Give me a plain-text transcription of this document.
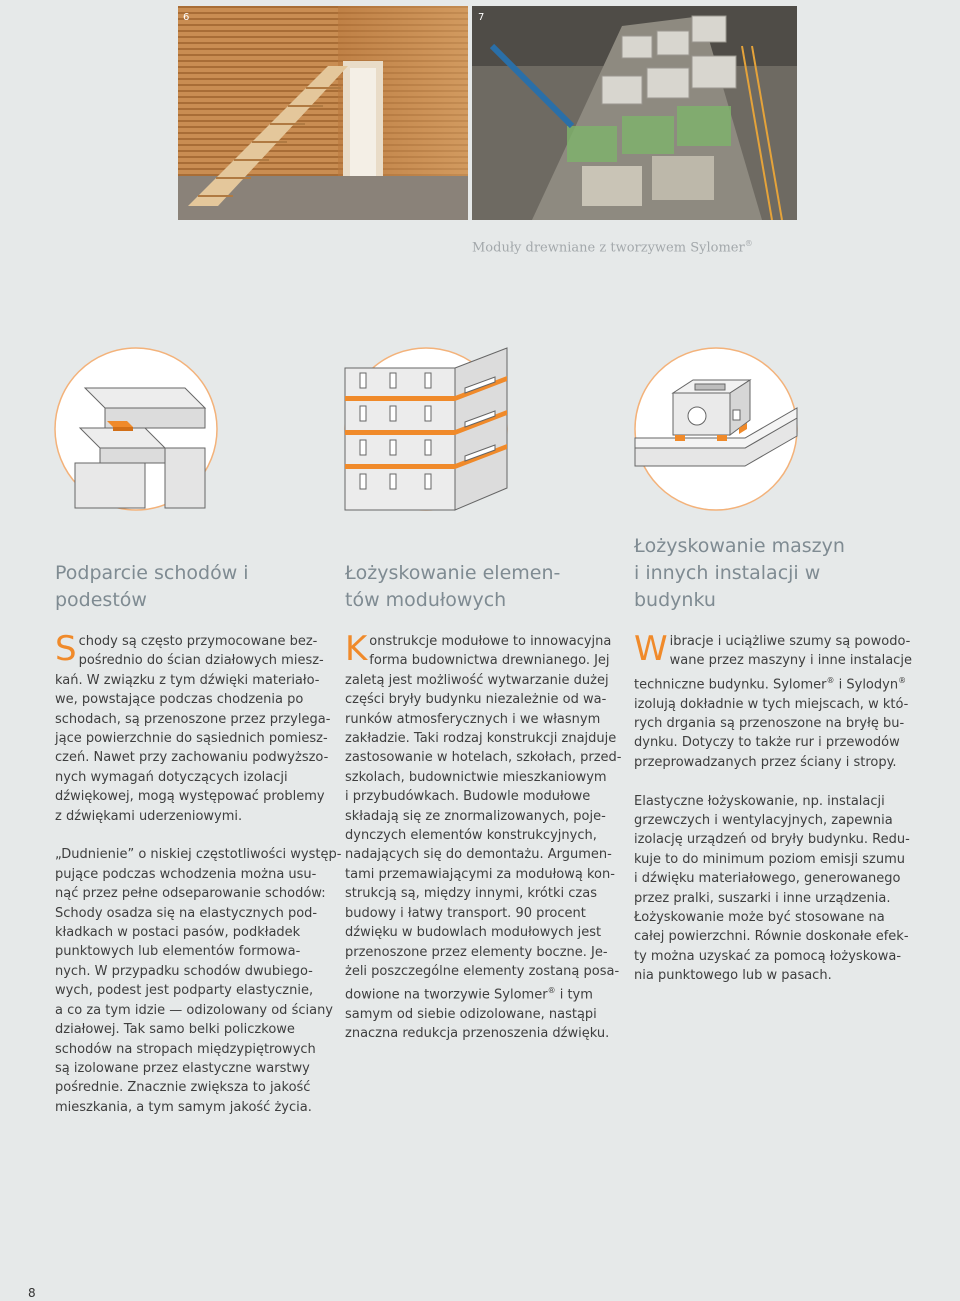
6	7
Moduły drewniane z tworzywem Sylomer®
Podparcie schodów i
podestów
S chody są często przymocowane bez-

pośrednio do ścian działowych miesz-

kań. W związku z tym dźwięki materiało-

we, powstające podczas chodzenia po

schodach, są przenoszone przez przylega-

jące powierzchnie do sąsiednich pomiesz-

czeń. Nawet przy zachowaniu podwyższo-

nych wymagań dotyczących izolacji

dźwiękowej, mogą występować problemy

z dźwiękami uderzeniowymi.

„Dudnienie” o niskiej częstotliwości występ-

pujące podczas wchodzenia można usu-

nąć przez pełne odseparowanie schodów:

Schody osadza się na elastycznych pod-

kładkach w postaci pasów, podkładek

punktowych lub elementów formowa-

nych. W przypadku schodów dwubiego-

wych, podest jest podparty elastycznie,

a co za tym idzie — odizolowany od ściany

działowej. Tak samo belki policzkowe

schodów na stropach międzypiętrowych

są izolowane przez elastyczne warstwy

pośrednie. Znacznie zwiększa to jakość

mieszkania, a tym samym jakość życia.

Łożyskowanie elemen-
tów modułowych
K onstrukcje modułowe to innowacyjna

forma budownictwa drewnianego. Jej

zaletą jest możliwość wytwarzanie dużej

części bryły budynku niezależnie od wa-

runków atmosferycznych i we własnym

zakładzie. Taki rodzaj konstrukcji znajduje

zastosowanie w hotelach, szkołach, przed-

szkolach, budownictwie mieszkaniowym

i przybudówkach. Budowle modułowe

składają się ze znormalizowanych, poje-

dynczych elementów konstrukcyjnych,

nadających się do demontażu. Argumen-

tami przemawiającymi za modułową kon-

strukcją są, między innymi, krótki czas

budowy i łatwy transport. 90 procent

dźwięku w budowlach modułowych jest

przenoszone przez elementy boczne. Je-

żeli poszczególne elementy zostaną posa-

dowione na tworzywie Sylomer® i tym

samym od siebie odizolowane, nastąpi

znaczna redukcja przenoszenia dźwięku.

Łożyskowanie maszyn
i innych instalacji w
budynku
W ibracje i uciążliwe szumy są powodo-

wane przez maszyny i inne instalacje

techniczne budynku. Sylomer® i Sylodyn®

izolują dokładnie w tych miejscach, w któ-

rych drgania są przenoszone na bryłę bu-

dynku. Dotyczy to także rur i przewodów

przeprowadzanych przez ściany i stropy.

Elastyczne łożyskowanie, np. instalacji

grzewczych i wentylacyjnych, zapewnia

izolację urządzeń od bryły budynku. Redu-

kuje to do minimum poziom emisji szumu

i dźwięku materiałowego, generowanego

przez pralki, suszarki i inne urządzenia.

Łożyskowanie może być stosowane na

całej powierzchni. Równie doskonałe efek-

ty można uzyskać za pomocą łożyskowa-

nia punktowego lub w pasach.

8
